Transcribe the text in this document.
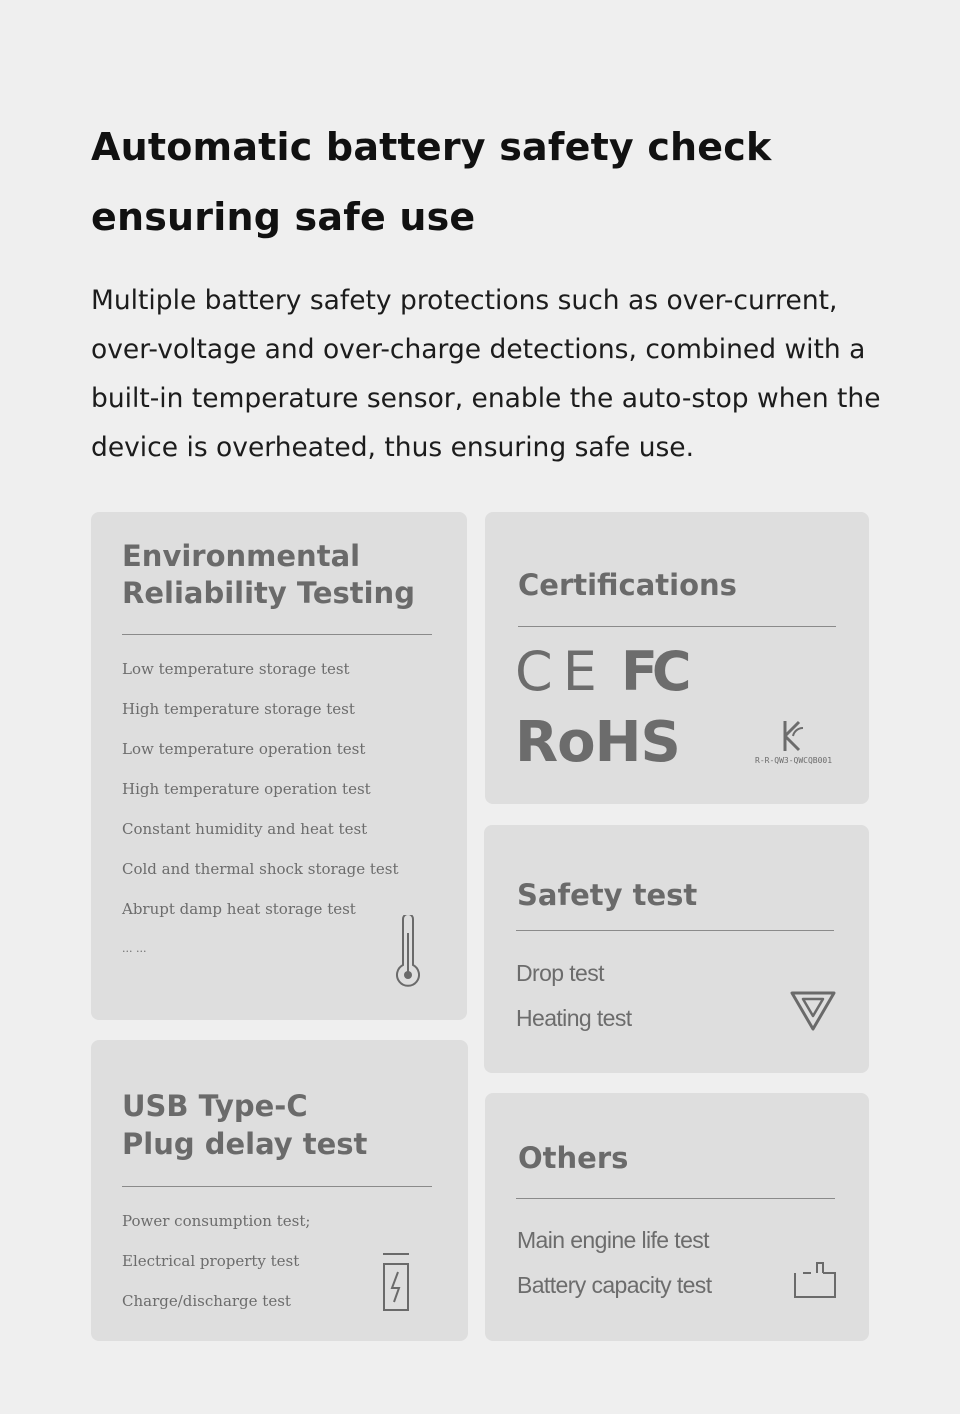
Automatic battery safety check
ensuring safe use

Multiple battery safety protections such as over-current, over-voltage and over-charge detections, combined with a built-in temperature sensor, enable the auto-stop when the device is overheated, thus ensuring safe use.

Environmental
Reliability Testing
Low temperature storage test
High temperature storage test
Low temperature operation test
High temperature operation test
Constant humidity and heat test
Cold and thermal shock storage test
Abrupt damp heat storage test
... ...
Certifications
CE FC
RoHS	R-R-QW3-QWCQB001
Safety test
Drop test
Heating test
USB Type-C
Plug delay test
Power consumption test;
Electrical property test
Charge/discharge test
Others
Main engine life test
Battery capacity test
